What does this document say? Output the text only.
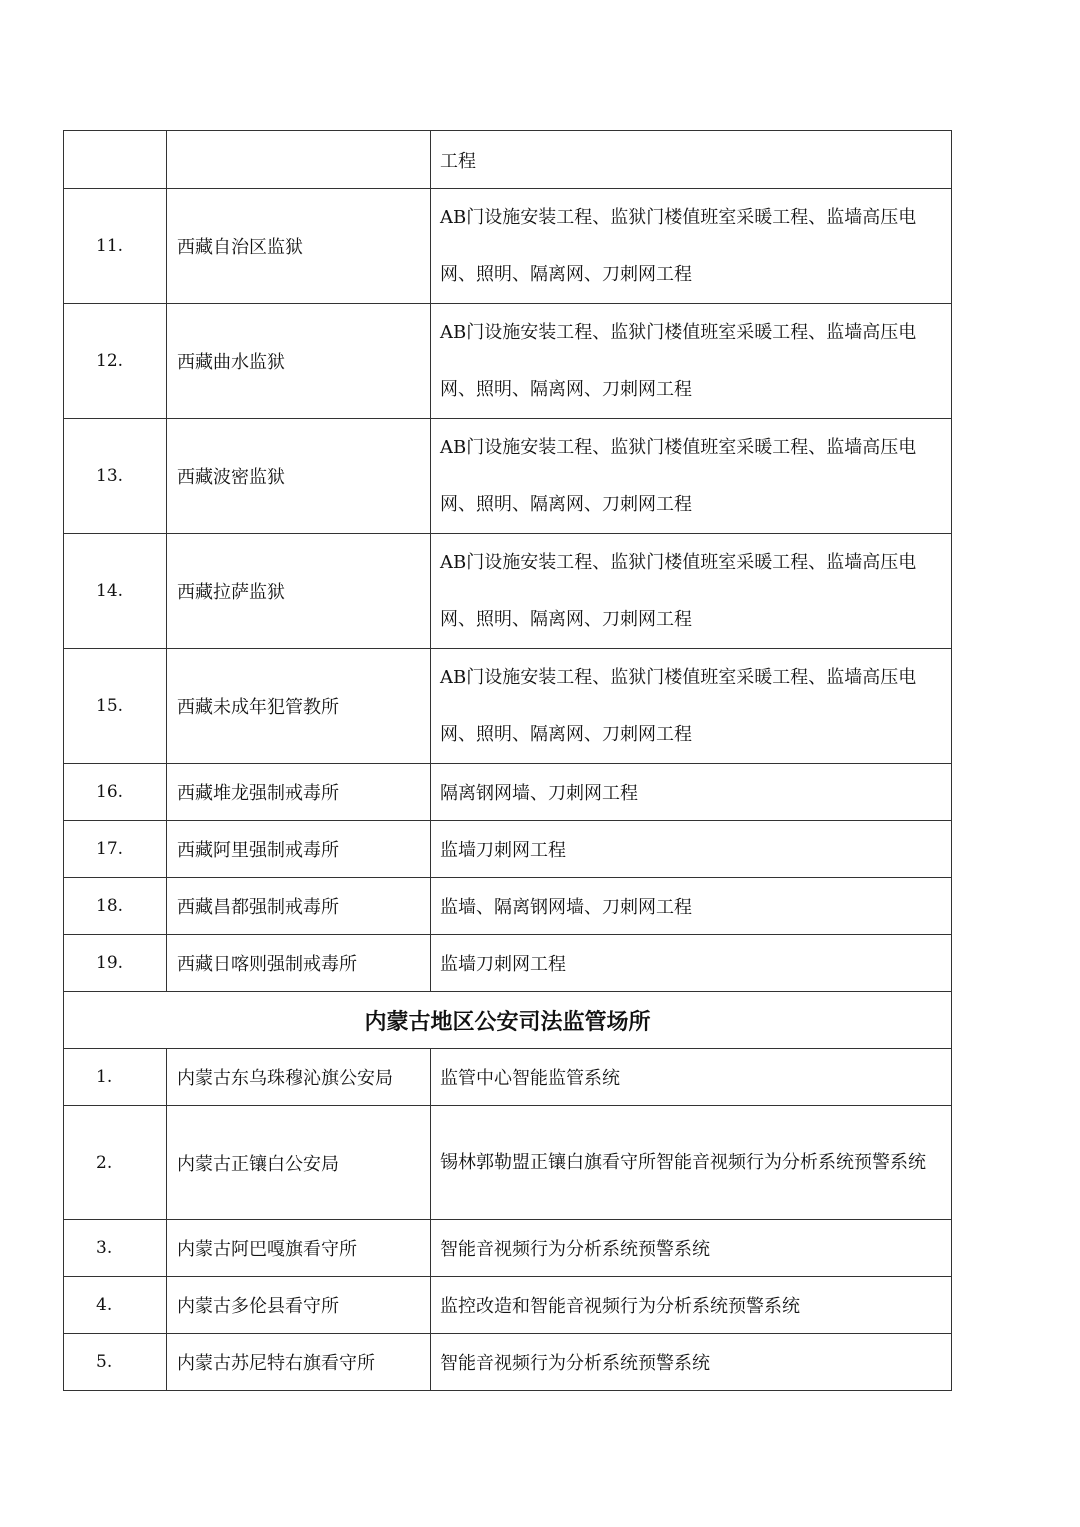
		工程
11.	西藏自治区监狱	AB门设施安装工程、监狱门楼值班室采暖工程、监墙高压电网、照明、隔离网、刀刺网工程
12.	西藏曲水监狱	AB门设施安装工程、监狱门楼值班室采暖工程、监墙高压电网、照明、隔离网、刀刺网工程
13.	西藏波密监狱	AB门设施安装工程、监狱门楼值班室采暖工程、监墙高压电网、照明、隔离网、刀刺网工程
14.	西藏拉萨监狱	AB门设施安装工程、监狱门楼值班室采暖工程、监墙高压电网、照明、隔离网、刀刺网工程
15.	西藏未成年犯管教所	AB门设施安装工程、监狱门楼值班室采暖工程、监墙高压电网、照明、隔离网、刀刺网工程
16.	西藏堆龙强制戒毒所	隔离钢网墙、刀刺网工程
17.	西藏阿里强制戒毒所	监墙刀刺网工程
18.	西藏昌都强制戒毒所	监墙、隔离钢网墙、刀刺网工程
19.	西藏日喀则强制戒毒所	监墙刀刺网工程
内蒙古地区公安司法监管场所		
1.	内蒙古东乌珠穆沁旗公安局	监管中心智能监管系统
2.	内蒙古正镶白公安局	锡林郭勒盟正镶白旗看守所智能音视频行为分析系统预警系统
3.	内蒙古阿巴嘎旗看守所	智能音视频行为分析系统预警系统
4.	内蒙古多伦县看守所	监控改造和智能音视频行为分析系统预警系统
5.	内蒙古苏尼特右旗看守所	智能音视频行为分析系统预警系统
